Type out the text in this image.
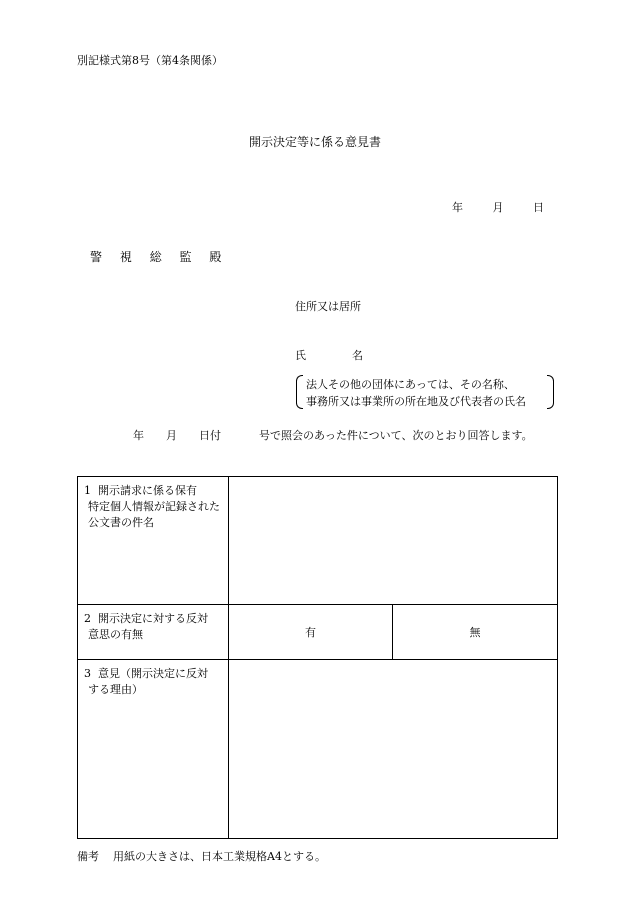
別記様式第8号（第4条関係）
開示決定等に係る意見書
年	月	日
警 視 総 監 殿
住所又は居所
氏	名
法人その他の団体にあっては、その名称、
事務所又は事業所の所在地及び代表者の氏名
年 月 日付	号で照会のあった件について、次のとおり回答します。
1 開示請求に係る保有
特定個人情報が記録された公文書の件名		

2 開示決定に対する反対
意思の有無	有	無
3 意見（開示決定に反対
する理由）		

備考 用紙の大きさは、日本工業規格A4とする。
